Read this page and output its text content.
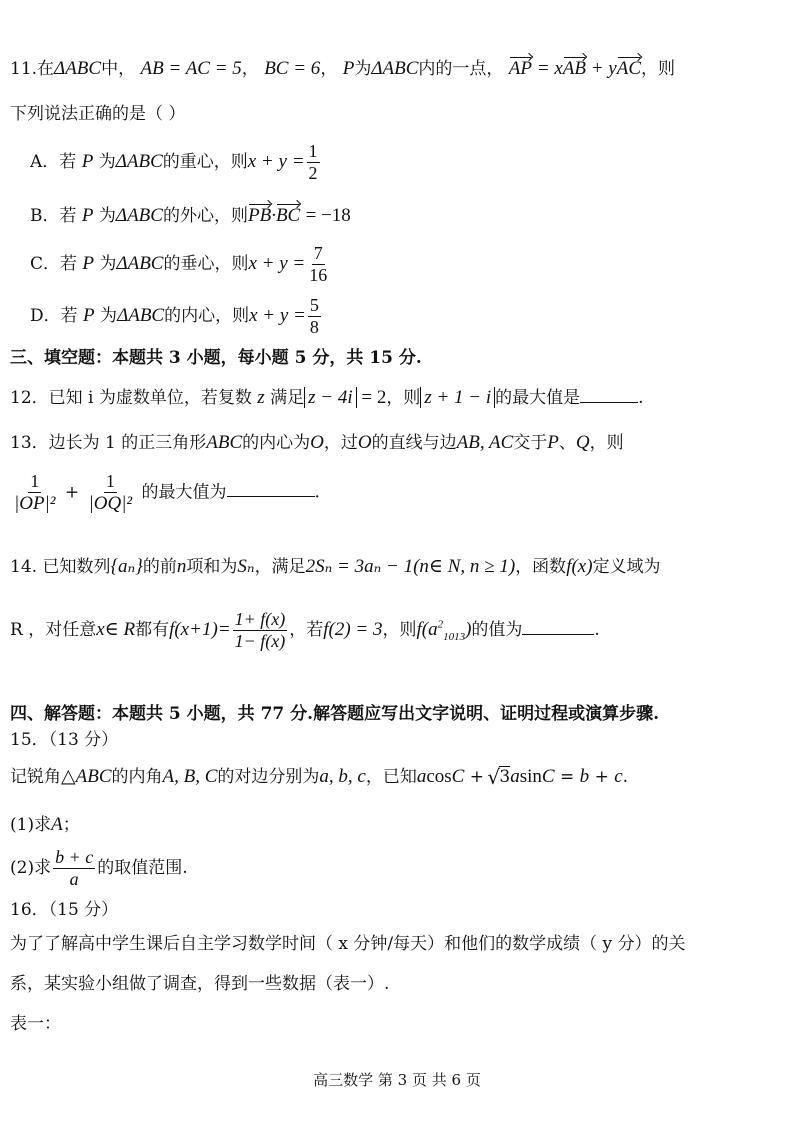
11.在ΔABC中， AB = AC = 5， BC = 6， P为ΔABC内的一点， AP = xAB + yAC，则
下列说法正确的是（ ）
A．若 P 为ΔABC的重心，则$x + y = \frac{1}{2}$
B．若 P 为ΔABC的外心，则PB·BC = −18
C．若 P 为ΔABC的垂心，则$x + y = \frac{7}{16}$
D．若 P 为ΔABC的内心，则$x + y = \frac{5}{8}$
三、填空题：本题共 3 小题，每小题 5 分，共 15 分.
12．已知 i 为虚数单位，若复数 z 满足 z − 4i = 2，则 z + 1 − i 的最大值是	.
13．边长为 1 的正三角形ABC的内心为O，过O的直线与边AB, AC交于P、Q，则
$\frac{1}{\text{|OP|²}} + \frac{1}{\text{|OQ|²}}$ 的最大值为	.
14. 已知数列{aₙ}的前n项和为Sₙ，满足2Sₙ = 3aₙ − 1(n∈ N, n ≥ 1)，函数f(x)定义域为
R ，对任意x∈ R都有$f(x+1)= \frac{1+ f(x)}{1- f(x)}$ ，若f(2) = 3，则$f(a^2_{1013})$的值为	.
四、解答题：本题共 5 小题，共 77 分.解答题应写出文字说明、证明过程或演算步骤.
15．（13 分）
记锐角△ABC的内角A, B, C的对边分别为a, b, c，已知acosC + √ 3asinC = b + c.
(1)求A；
(2)求 $\frac{b + c}{a}$ 的取值范围.
16．（15 分）
为了了解高中学生课后自主学习数学时间（ x 分钟/每天）和他们的数学成绩（ y 分）的关
系，某实验小组做了调查，得到一些数据（表一）.
表一：
高三数学 第 3 页 共 6 页
